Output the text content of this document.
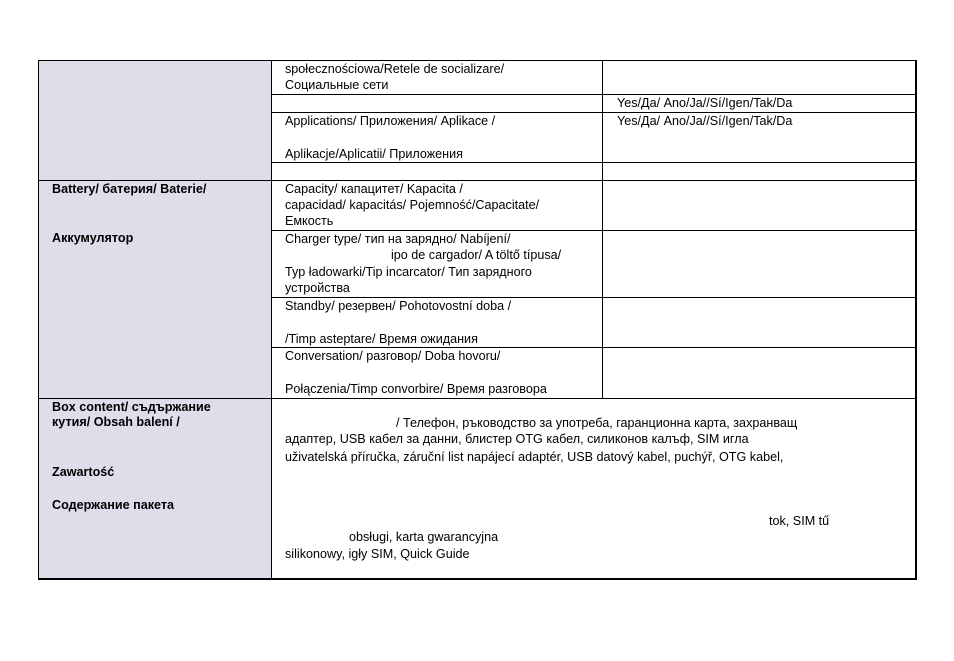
społecznościowa/Retele de socializare/
Социальные сети
Yes/Да/ Ano/Ja//Sí/Igen/Tak/Da
Applications/ Приложения/ Aplikace /
Aplikacje/Aplicatii/ Приложения
Yes/Да/ Ano/Ja//Sí/Igen/Tak/Da
Battery/ батерия/ Baterie/
Аккумулятор
Capacity/ капацитет/ Kapacita /
capacidad/ kapacitás/ Pojemność/Capacitate/
Емкость
Charger type/ тип на зарядно/ Nabíjení/
ipo de cargador/ A töltő típusa/
Typ ładowarki/Tip incarcator/ Тип зарядного
устройства
Standby/ резервен/ Pohotovostní doba /
/Timp asteptare/ Время ожидания
Conversation/ разговор/ Doba hovoru/
Połączenia/Timp convorbire/ Время разговора
Box content/ съдържание
кутия/ Obsah balení /
Zawartość
Содержание пакета
/ Телефон, ръководство за употреба, гаранционна карта, захранващ
адаптер, USB кабел за данни, блистер OTG кабел, силиконов калъф, SIM игла
uživatelská příručka, záruční list napájecí adaptér, USB datový kabel, puchýř, OTG kabel,
tok, SIM tű
obsługi, karta gwarancyjna
silikonowy, igły SIM, Quick Guide
